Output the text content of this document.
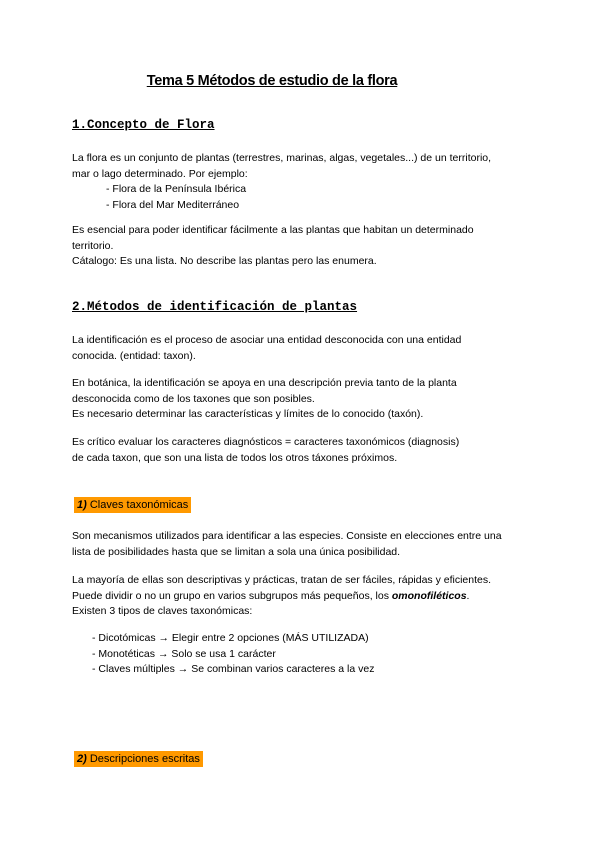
Tema 5 Métodos de estudio de la flora
1.Concepto de Flora
La flora es un conjunto de plantas (terrestres, marinas, algas, vegetales...) de un territorio,
mar o lago determinado. Por ejemplo:
- Flora de la Península Ibérica
- Flora del Mar Mediterráneo
Es esencial para poder identificar fácilmente a las plantas que habitan un determinado
territorio.
Cátalogo: Es una lista. No describe las plantas pero las enumera.
2.Métodos de identificación de plantas
La identificación es el proceso de asociar una entidad desconocida con una entidad
conocida. (entidad: taxon).
En botánica, la identificación se apoya en una descripción previa tanto de la planta
desconocida como de los taxones que son posibles.
Es necesario determinar las características y límites de lo conocido (taxón).
Es crítico evaluar los caracteres diagnósticos = caracteres taxonómicos (diagnosis)
de cada taxon, que son una lista de todos los otros táxones próximos.
1) Claves taxonómicas
Son mecanismos utilizados para identificar a las especies. Consiste en elecciones entre una
lista de posibilidades hasta que se limitan a sola una única posibilidad.
La mayoría de ellas son descriptivas y prácticas, tratan de ser fáciles, rápidas y eficientes.
Puede dividir o no un grupo en varios subgrupos más pequeños, los omonofiléticos.
Existen 3 tipos de claves taxonómicas:
- Dicotómicas → Elegir entre 2 opciones (MÁS UTILIZADA)
- Monotéticas → Solo se usa 1 carácter
- Claves múltiples → Se combinan varios caracteres a la vez
2) Descripciones escritas
